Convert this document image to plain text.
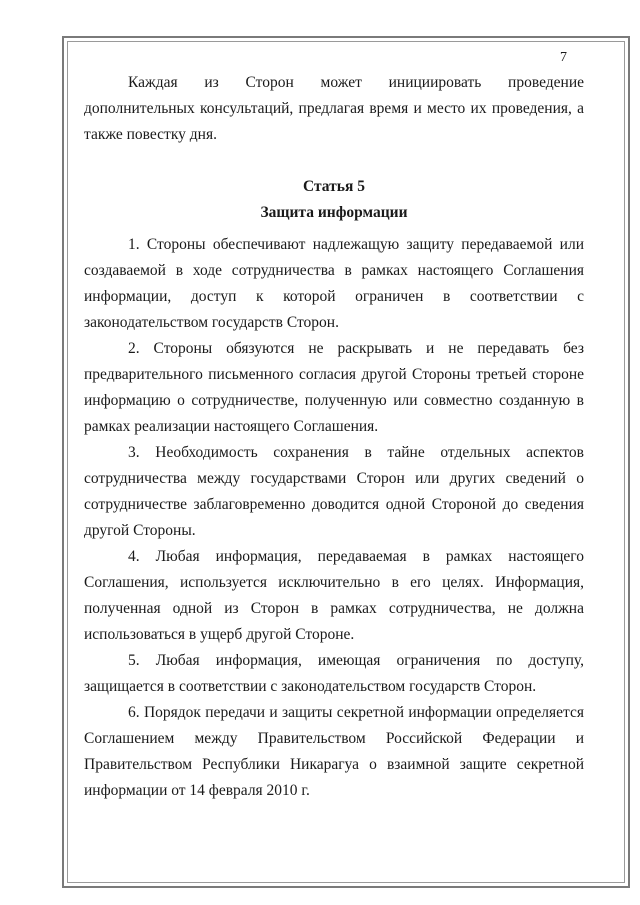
7

Каждая из Сторон может инициировать проведение дополнительных консультаций, предлагая время и место их проведения, а также повестку дня.

Статья 5

Защита информации

1. Стороны обеспечивают надлежащую защиту передаваемой или создаваемой в ходе сотрудничества в рамках настоящего Соглашения информации, доступ к которой ограничен в соответствии с законодательством государств Сторон.

2. Стороны обязуются не раскрывать и не передавать без предварительного письменного согласия другой Стороны третьей стороне информацию о сотрудничестве, полученную или совместно созданную в рамках реализации настоящего Соглашения.

3. Необходимость сохранения в тайне отдельных аспектов сотрудничества между государствами Сторон или других сведений о сотрудничестве заблаговременно доводится одной Стороной до сведения другой Стороны.

4. Любая информация, передаваемая в рамках настоящего Соглашения, используется исключительно в его целях. Информация, полученная одной из Сторон в рамках сотрудничества, не должна использоваться в ущерб другой Стороне.

5. Любая информация, имеющая ограничения по доступу, защищается в соответствии с законодательством государств Сторон.

6. Порядок передачи и защиты секретной информации определяется Соглашением между Правительством Российской Федерации и Правительством Республики Никарагуа о взаимной защите секретной информации от 14 февраля 2010 г.
